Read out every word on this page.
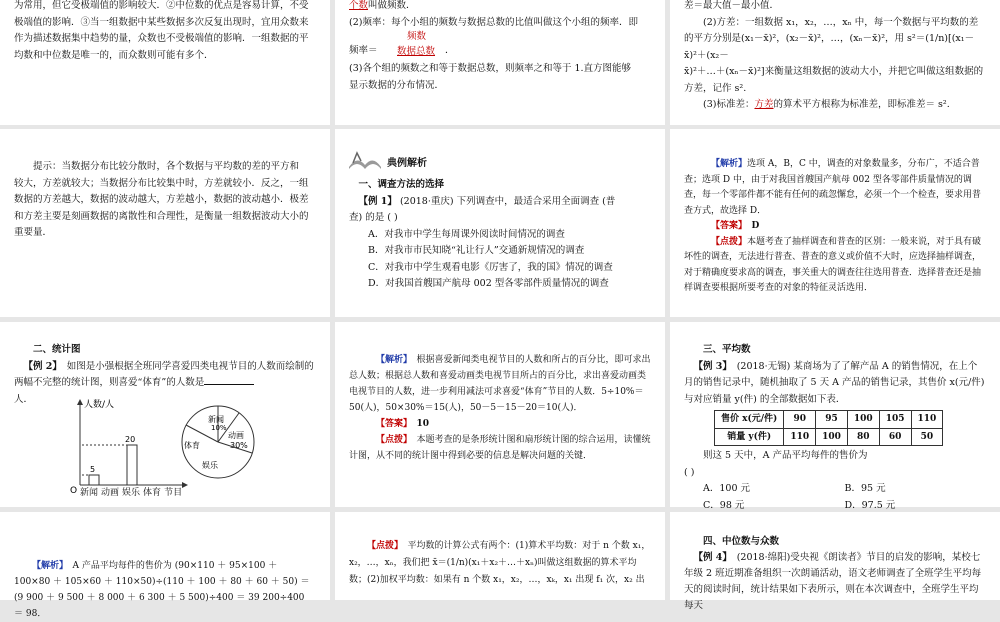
为常用，但它受极端值的影响较大．②中位数的优点是容易计算，不受
极端值的影响．③当一组数据中某些数据多次反复出现时，宜用众数来
作为描述数据集中趋势的量，众数也不受极端值的影响．一组数据的平
均数和中位数是唯一的，而众数则可能有多个．
个数叫做频数．
(2)频率：每个小组的频数与数据总数的比值叫做这个小组的频率．即
频数
频率＝ 数据总数 ．
(3)各个组的频数之和等于数据总数，则频率之和等于 1.直方图能够
显示数据的分布情况．
差＝最大值－最小值．
(2)方差：一组数据 x₁，x₂，…，xₙ 中，每一个数据与平均数的差
的平方分别是(x₁－x̄)²，(x₂－x̄)²，…，(xₙ－x̄)²，用 s²＝(1/n)[(x₁－x̄)²＋(x₂－
x̄)²＋…＋(xₙ－x̄)²]来衡量这组数据的波动大小，并把它叫做这组数据的
方差，记作 s².
(3)标准差：方差的算术平方根称为标准差，即标准差＝ s².
提示：当数据分布比较分散时，各个数据与平均数的差的平方和
较大，方差就较大；当数据分布比较集中时，方差就较小．反之，一组
数据的方差越大，数据的波动越大，方差越小，数据的波动越小．极差
和方差主要是刻画数据的离散性和合理性，是衡量一组数据波动大小的
重要量．
典例解析
一、调查方法的选择
【例 1】 (2018·重庆) 下列调查中，最适合采用全面调查 (普
查) 的是 ( )
A．对我市中学生每周课外阅读时间情况的调查
B．对我市市民知晓“礼让行人”交通新规情况的调查
C．对我市中学生观看电影《厉害了，我的国》情况的调查
D．对我国首艘国产航母 002 型各零部件质量情况的调查
【解析】选项 A，B，C 中，调查的对象数量多，分布广，不适合普查；选项 D 中，由于对我国首艘国产航母 002 型各零部件质量情况的调查，每一个零部件都不能有任何的疏忽懈怠，必须一个一个检查，要求用普查方式，故选择 D．
【答案】　 D
【点拨】本题考查了抽样调查和普查的区别：一般来说，对于具有破坏性的调查，无法进行普查、普查的意义或价值不大时，应选择抽样调查，对于精确度要求高的调查，事关重大的调查往往选用普查．选择普查还是抽样调查要根据所要考查的对象的特征灵活选用．
二、统计图
【例 2】　 如图是小强根据全班同学喜爱四类电视节目的人数而绘制的两幅不完整的统计图，则喜爱“体育”的人数是
人．
人数/人
O
5
20
新闻 动画 娱乐 体育 节目
新闻
10%
体育
动画
30%
娱乐
【解析】　 根据喜爱新闻类电视节目的人数和所占的百分比，即可求出总人数；根据总人数和喜爱动画类电视节目所占的百分比，求出喜爱动画类电视节目的人数，进一步利用减法可求喜爱“体育”节目的人数．5÷10%＝50(人)，50×30%＝15(人)，50－5－15－20＝10(人)．
【答案】　 10
【点拨】　 本题考查的是条形统计图和扇形统计图的综合运用，读懂统计图，从不同的统计图中得到必要的信息是解决问题的关键．
三、平均数
【例 3】　 (2018·无锡) 某商场为了了解产品 A 的销售情况，在上个月的销售记录中，随机抽取了 5 天 A 产品的销售记录，其售价 x(元/件) 与对应销量 y(件) 的全部数据如下表．
售价 x(元/件)	90	95	100	105	110
销量 y(件)	110	100	80	60	50
则这 5 天中，A 产品平均每件的售价为
( )
A．100 元	B．95 元
C．98 元	D．97.5 元
【解析】　 A 产品平均每件的售价为 (90×110 ＋ 95×100 ＋ 100×80 ＋ 105×60 ＋ 110×50)÷(110 ＋ 100 ＋ 80 ＋ 60 ＋ 50) ＝ (9 900 ＋ 9 500 ＋ 8 000 ＋ 6 300 ＋ 5 500)÷400 ＝ 39 200÷400 ＝ 98．
【点拨】　 平均数的计算公式有两个：(1)算术平均数：对于 n 个数 x₁，x₂，…，xₙ，我们把 x̄＝(1/n)(x₁＋x₂＋…＋xₙ)叫做这组数据的算术平均数；(2)加权平均数：如果有 n 个数 x₁，x₂，…，xₖ，x₁ 出现 f₁ 次，x₂ 出
四、中位数与众数
【例 4】　 (2018·绵阳)受央视《朗读者》节目的启发的影响，某校七年级 2 班近期准备组织一次朗诵活动，语文老师调查了全班学生平均每天的阅读时间，统计结果如下表所示，则在本次调查中，全班学生平均每天
